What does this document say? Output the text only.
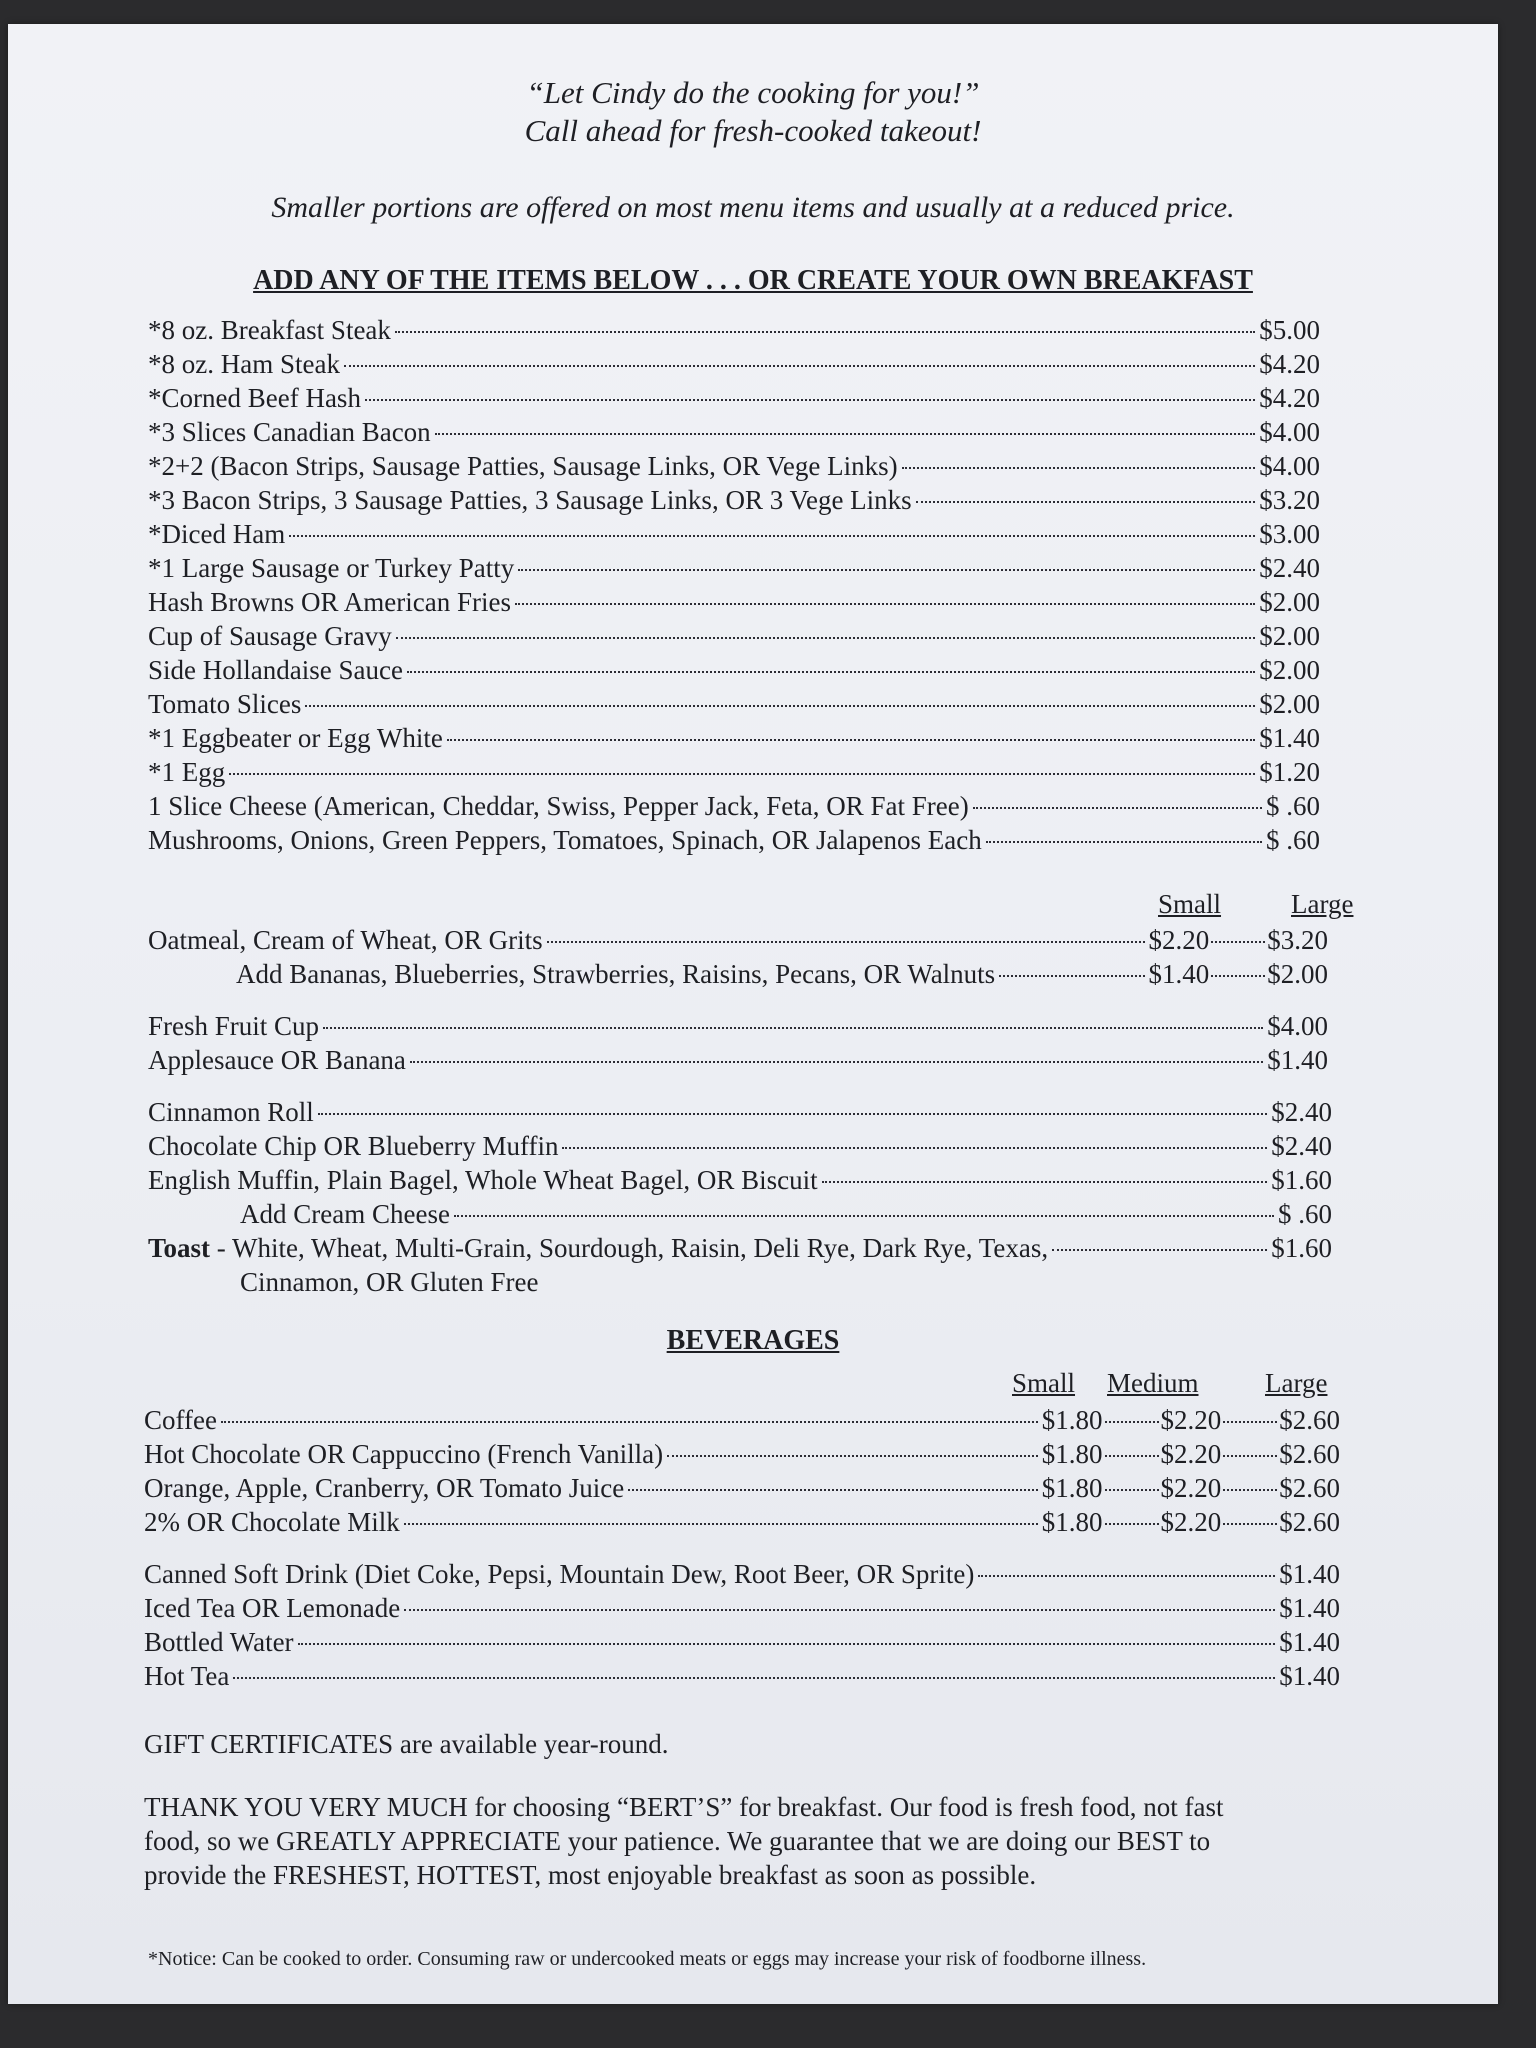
“Let Cindy do the cooking for you!”
Call ahead for fresh-cooked takeout!
Smaller portions are offered on most menu items and usually at a reduced price.
ADD ANY OF THE ITEMS BELOW . . . OR CREATE YOUR OWN BREAKFAST
*8 oz. Breakfast Steak	$5.00
*8 oz. Ham Steak	$4.20
*Corned Beef Hash	$4.20
*3 Slices Canadian Bacon	$4.00
*2+2 (Bacon Strips, Sausage Patties, Sausage Links, OR Vege Links)	$4.00
*3 Bacon Strips, 3 Sausage Patties, 3 Sausage Links, OR 3 Vege Links	$3.20
*Diced Ham	$3.00
*1 Large Sausage or Turkey Patty	$2.40
Hash Browns OR American Fries	$2.00
Cup of Sausage Gravy	$2.00
Side Hollandaise Sauce	$2.00
Tomato Slices	$2.00
*1 Eggbeater or Egg White	$1.40
*1 Egg	$1.20
1 Slice Cheese (American, Cheddar, Swiss, Pepper Jack, Feta, OR Fat Free)	$ .60
Mushrooms, Onions, Green Peppers, Tomatoes, Spinach, OR Jalapenos Each	$ .60
Small	Large
Oatmeal, Cream of Wheat, OR Grits	$2.20 $3.20
Add Bananas, Blueberries, Strawberries, Raisins, Pecans, OR Walnuts	$1.40 $2.00
Fresh Fruit Cup	$4.00
Applesauce OR Banana	$1.40
Cinnamon Roll	$2.40
Chocolate Chip OR Blueberry Muffin	$2.40
English Muffin, Plain Bagel, Whole Wheat Bagel, OR Biscuit	$1.60
Add Cream Cheese	$ .60
Toast - White, Wheat, Multi-Grain, Sourdough, Raisin, Deli Rye, Dark Rye, Texas,	$1.60
Cinnamon, OR Gluten Free
BEVERAGES
Small Medium Large
Coffee	$1.80 $2.20 $2.60
Hot Chocolate OR Cappuccino (French Vanilla)	$1.80 $2.20 $2.60
Orange, Apple, Cranberry, OR Tomato Juice	$1.80 $2.20 $2.60
2% OR Chocolate Milk	$1.80 $2.20 $2.60
Canned Soft Drink (Diet Coke, Pepsi, Mountain Dew, Root Beer, OR Sprite)	$1.40
Iced Tea OR Lemonade	$1.40
Bottled Water	$1.40
Hot Tea	$1.40
GIFT CERTIFICATES are available year-round.
THANK YOU VERY MUCH for choosing “BERT’S” for breakfast. Our food is fresh food, not fast
food, so we GREATLY APPRECIATE your patience. We guarantee that we are doing our BEST to
provide the FRESHEST, HOTTEST, most enjoyable breakfast as soon as possible.
*Notice: Can be cooked to order. Consuming raw or undercooked meats or eggs may increase your risk of foodborne illness.
